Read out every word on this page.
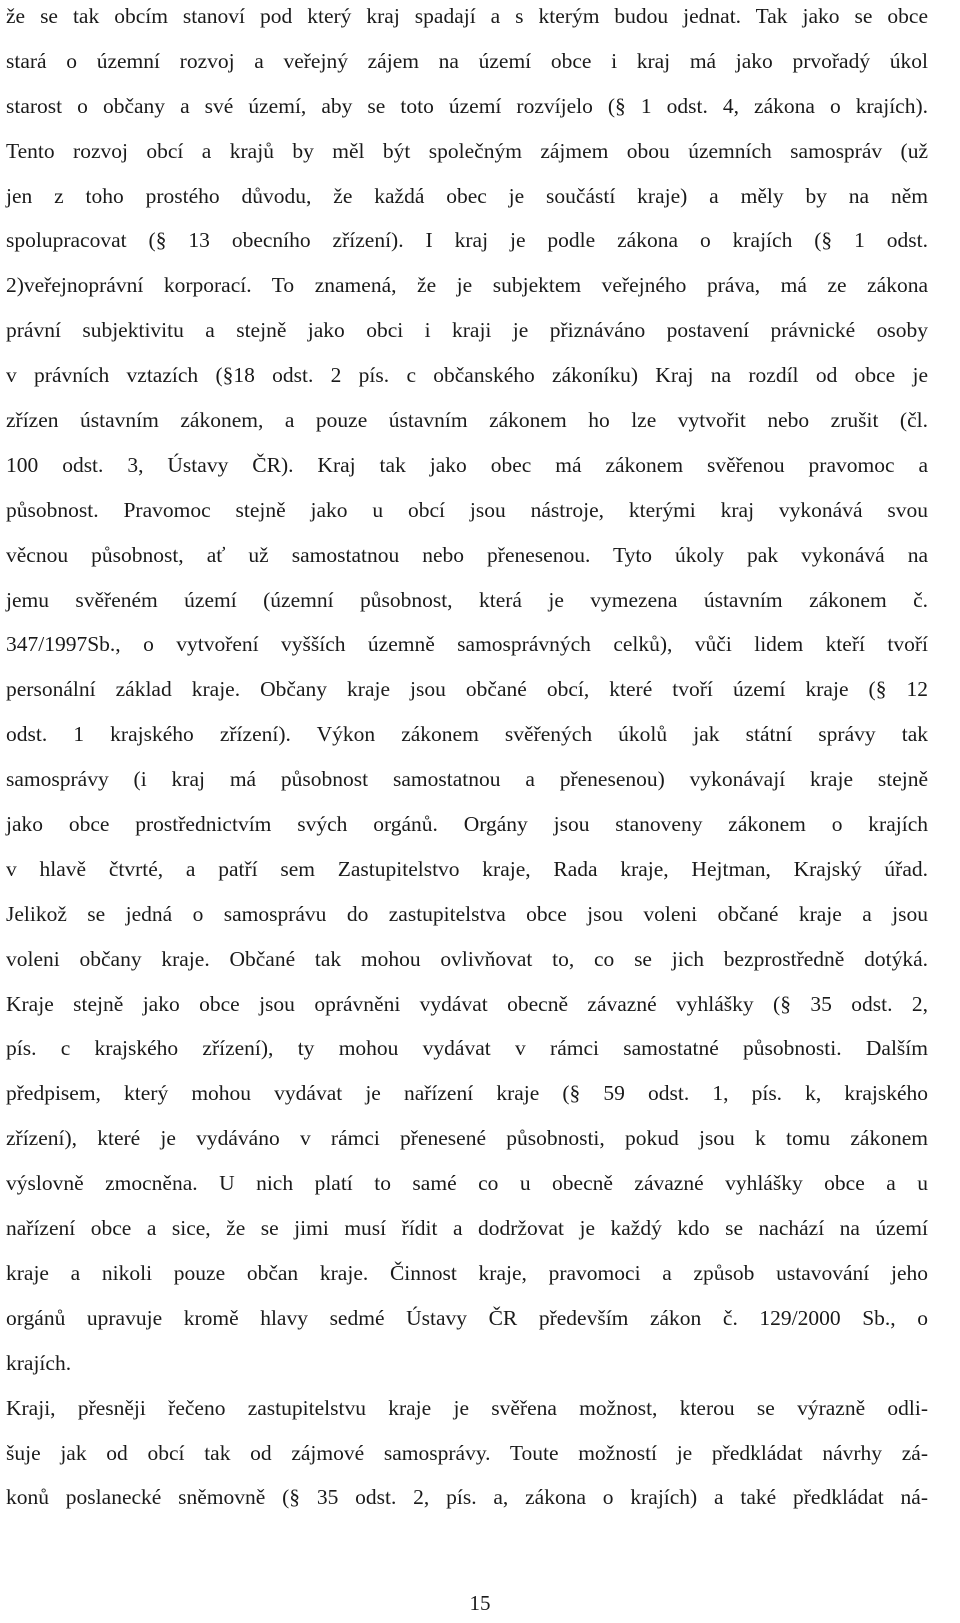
že se tak obcím stanoví pod který kraj spadají a s kterým budou jednat. Tak jako se obce
stará o územní rozvoj a veřejný zájem na území obce i kraj má jako prvořadý úkol
starost o občany a své území, aby se toto území rozvíjelo (§ 1 odst. 4, zákona o krajích).
Tento rozvoj obcí a krajů by měl být společným zájmem obou územních samospráv (už
jen z toho prostého důvodu, že každá obec je součástí kraje) a měly by na něm
spolupracovat (§ 13 obecního zřízení). I kraj je podle zákona o krajích (§ 1 odst.
2)veřejnoprávní korporací. To znamená, že je subjektem veřejného práva, má ze zákona
právní subjektivitu a stejně jako obci i kraji je přiznáváno postavení právnické osoby
v právních vztazích (§18 odst. 2 pís. c občanského zákoníku) Kraj na rozdíl od obce je
zřízen ústavním zákonem, a pouze ústavním zákonem ho lze vytvořit nebo zrušit (čl.
100 odst. 3, Ústavy ČR). Kraj tak jako obec má zákonem svěřenou pravomoc a
působnost. Pravomoc stejně jako u obcí jsou nástroje, kterými kraj vykonává svou
věcnou působnost, ať už samostatnou nebo přenesenou. Tyto úkoly pak vykonává na
jemu svěřeném území (územní působnost, která je vymezena ústavním zákonem č.
347/1997Sb., o vytvoření vyšších územně samosprávných celků), vůči lidem kteří tvoří
personální základ kraje. Občany kraje jsou občané obcí, které tvoří území kraje (§ 12
odst. 1 krajského zřízení). Výkon zákonem svěřených úkolů jak státní správy tak
samosprávy (i kraj má působnost samostatnou a přenesenou) vykonávají kraje stejně
jako obce prostřednictvím svých orgánů. Orgány jsou stanoveny zákonem o krajích
v hlavě čtvrté, a patří sem Zastupitelstvo kraje, Rada kraje, Hejtman, Krajský úřad.
Jelikož se jedná o samosprávu do zastupitelstva obce jsou voleni občané kraje a jsou
voleni občany kraje. Občané tak mohou ovlivňovat to, co se jich bezprostředně dotýká.
Kraje stejně jako obce jsou oprávněni vydávat obecně závazné vyhlášky (§ 35 odst. 2,
pís. c krajského zřízení), ty mohou vydávat v rámci samostatné působnosti. Dalším
předpisem, který mohou vydávat je nařízení kraje (§ 59 odst. 1, pís. k, krajského
zřízení), které je vydáváno v rámci přenesené působnosti, pokud jsou k tomu zákonem
výslovně zmocněna. U nich platí to samé co u obecně závazné vyhlášky obce a u
nařízení obce a sice, že se jimi musí řídit a dodržovat je každý kdo se nachází na území
kraje a nikoli pouze občan kraje. Činnost kraje, pravomoci a způsob ustavování jeho
orgánů upravuje kromě hlavy sedmé Ústavy ČR především zákon č. 129/2000 Sb., o
krajích.
Kraji, přesněji řečeno zastupitelstvu kraje je svěřena možnost, kterou se výrazně odli-
šuje jak od obcí tak od zájmové samosprávy. Toute možností je předkládat návrhy zá-
konů poslanecké sněmovně (§ 35 odst. 2, pís. a, zákona o krajích) a také předkládat ná-
15
